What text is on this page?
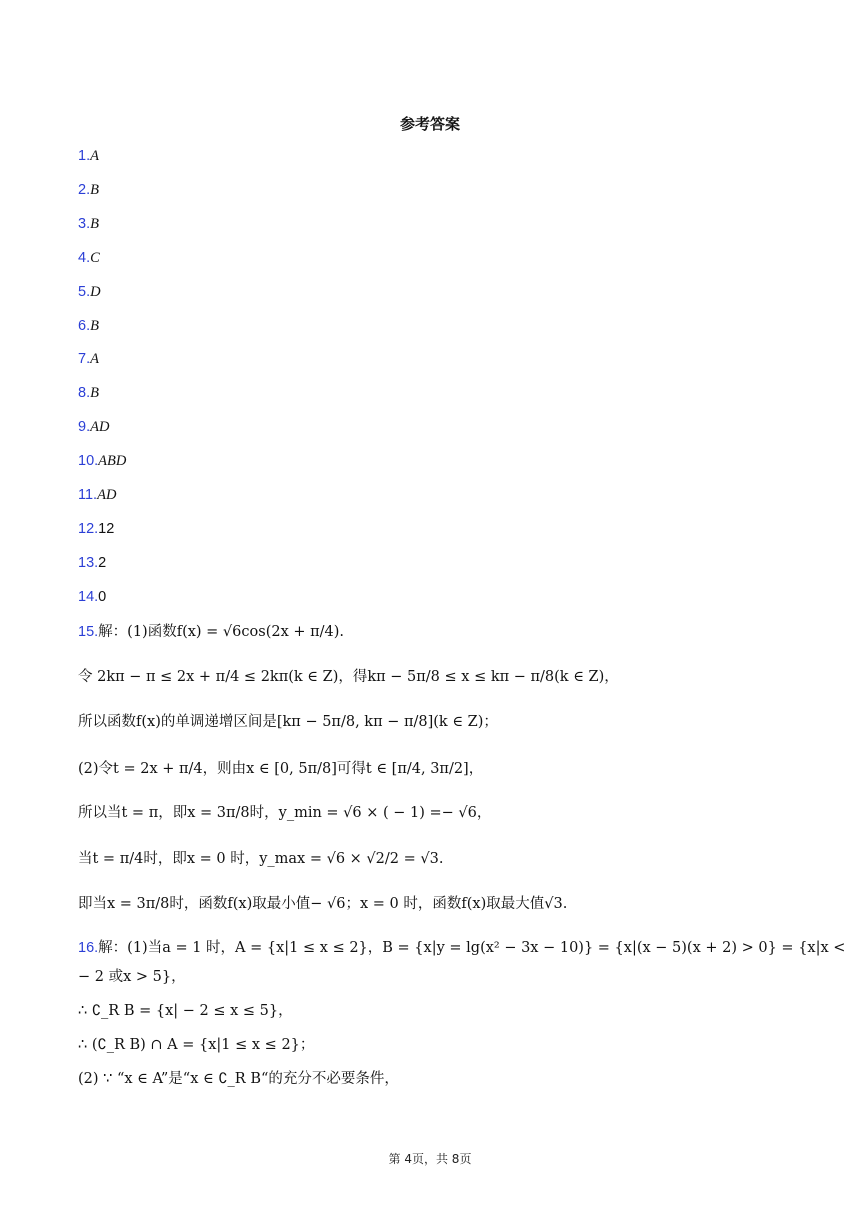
参考答案
1.A
2.B
3.B
4.C
5.D
6.B
7.A
8.B
9.AD
10.ABD
11.AD
12.12
13.2
14.0
15.解：(1)函数f(x) = √6cos(2x + π/4).
令 2kπ − π ≤ 2x + π/4 ≤ 2kπ(k ∈ Z)，得kπ − 5π/8 ≤ x ≤ kπ − π/8(k ∈ Z)，
所以函数f(x)的单调递增区间是[kπ − 5π/8, kπ − π/8](k ∈ Z)；
(2)令t = 2x + π/4，则由x ∈ [0, 5π/8]可得t ∈ [π/4, 3π/2]，
所以当t = π，即x = 3π/8时，y_min = √6 × ( − 1) =− √6，
当t = π/4时，即x = 0 时，y_max = √6 × √2/2 = √3.
即当x = 3π/8时，函数f(x)取最小值− √6；x = 0 时，函数f(x)取最大值√3.
16.解：(1)当a = 1 时，A = {x|1 ≤ x ≤ 2}，B = {x|y = lg(x² − 3x − 10)} = {x|(x − 5)(x + 2) > 0} = {x|x <
− 2 或x > 5}，
∴ ∁_R B = {x| − 2 ≤ x ≤ 5}，
∴ (∁_R B) ∩ A = {x|1 ≤ x ≤ 2}；
(2) ∵ “x ∈ A”是“x ∈ ∁_R B“的充分不必要条件，
第 4页，共 8页
